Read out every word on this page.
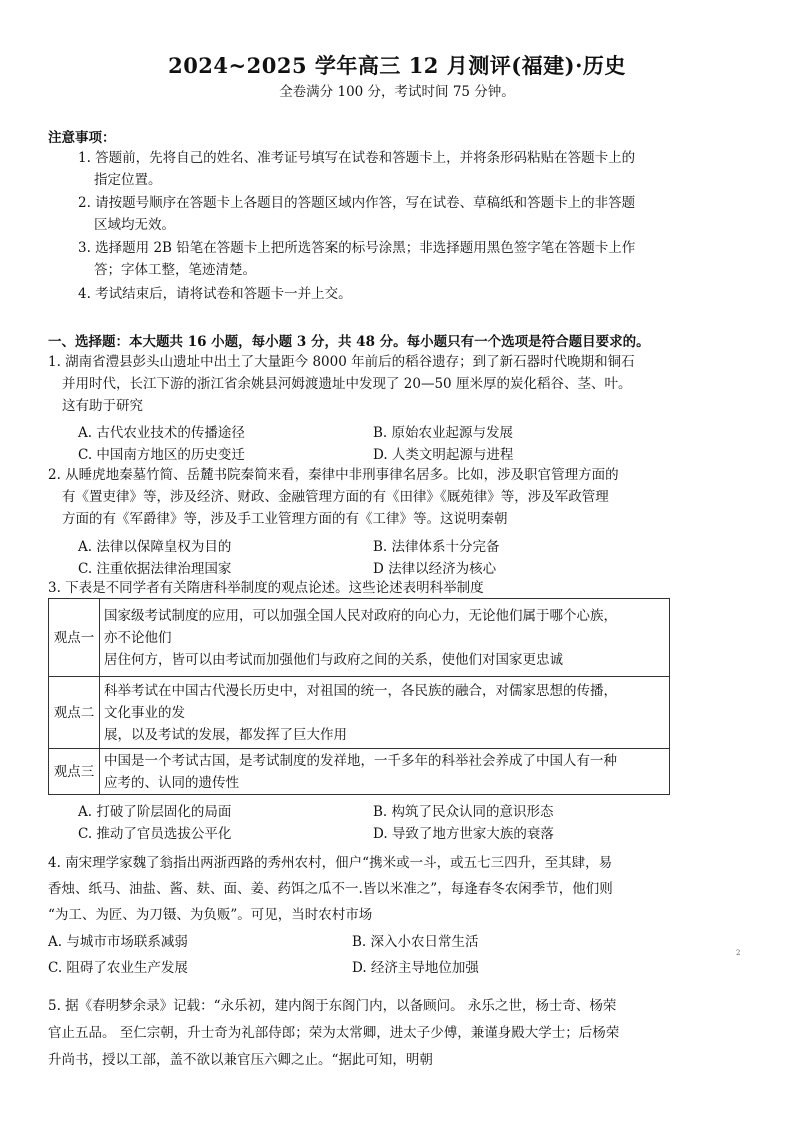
2024~2025 学年高三 12 月测评(福建)·历史
全卷满分 100 分，考试时间 75 分钟。
注意事项：
1. 答题前，先将自己的姓名、准考证号填写在试卷和答题卡上，并将条形码粘贴在答题卡上的
指定位置。
2. 请按题号顺序在答题卡上各题目的答题区域内作答，写在试卷、草稿纸和答题卡上的非答题
区域均无效。
3. 选择题用 2B 铅笔在答题卡上把所选答案的标号涂黑；非选择题用黑色签字笔在答题卡上作
答；字体工整，笔迹清楚。
4. 考试结束后，请将试卷和答题卡一并上交。
一、选择题：本大题共 16 小题，每小题 3 分，共 48 分。每小题只有一个选项是符合题目要求的。
1. 湖南省澧县彭头山遗址中出土了大量距今 8000 年前后的稻谷遗存；到了新石器时代晚期和铜石
并用时代，长江下游的浙江省余姚县河姆渡遗址中发现了 20—50 厘米厚的炭化稻谷、茎、叶。
这有助于研究
A. 古代农业技术的传播途径	B. 原始农业起源与发展
C. 中国南方地区的历史变迁	D. 人类文明起源与进程
2. 从睡虎地秦墓竹简、岳麓书院秦简来看，秦律中非刑事律名居多。比如，涉及职官管理方面的
有《置吏律》等，涉及经济、财政、金融管理方面的有《田律》《厩苑律》等，涉及军政管理
方面的有《军爵律》等，涉及手工业管理方面的有《工律》等。这说明秦朝
A. 法律以保障皇权为目的	B. 法律体系十分完备
C. 注重依据法律治理国家	D 法律以经济为核心
3. 下表是不同学者有关隋唐科举制度的观点论述。这些论述表明科举制度
观点一	国家级考试制度的应用，可以加强全国人民对政府的向心力，无论他们属于哪个心族，
亦不论他们
居住何方，皆可以由考试而加强他们与政府之间的关系，使他们对国家更忠诚

观点二	科举考试在中国古代漫长历史中，对祖国的统一，各民族的融合，对儒家思想的传播，
文化事业的发
展，以及考试的发展，都发挥了巨大作用

观点三	中国是一个考试古国，是考试制度的发祥地，一千多年的科举社会养成了中国人有一种
应考的、认同的遗传性
A. 打破了阶层固化的局面	B. 构筑了民众认同的意识形态
C. 推动了官员选拔公平化	D. 导致了地方世家大族的衰落
4. 南宋理学家魏了翁指出两浙西路的秀州农村，佃户“携米或一斗，或五七三四升，至其肆，易
香烛、纸马、油盐、酱、麸、面、姜、药饵之瓜不一.皆以米准之”，每逢春冬农闲季节，他们则
“为工、为匠、为刀镊、为负贩”。可见，当时农村市场
A. 与城市市场联系减弱	B. 深入小农日常生活
C. 阻碍了农业生产发展	D. 经济主导地位加强
2
5. 据《春明梦余录》记载：“永乐初，建内阁于东阁门内，以备顾问。 永乐之世，杨士奇、杨荣
官止五品。 至仁宗朝，升士奇为礼部侍郎；荣为太常卿，进太子少傅，兼谨身殿大学士；后杨荣
升尚书，授以工部，盖不欲以兼官压六卿之止。“据此可知，明朝
